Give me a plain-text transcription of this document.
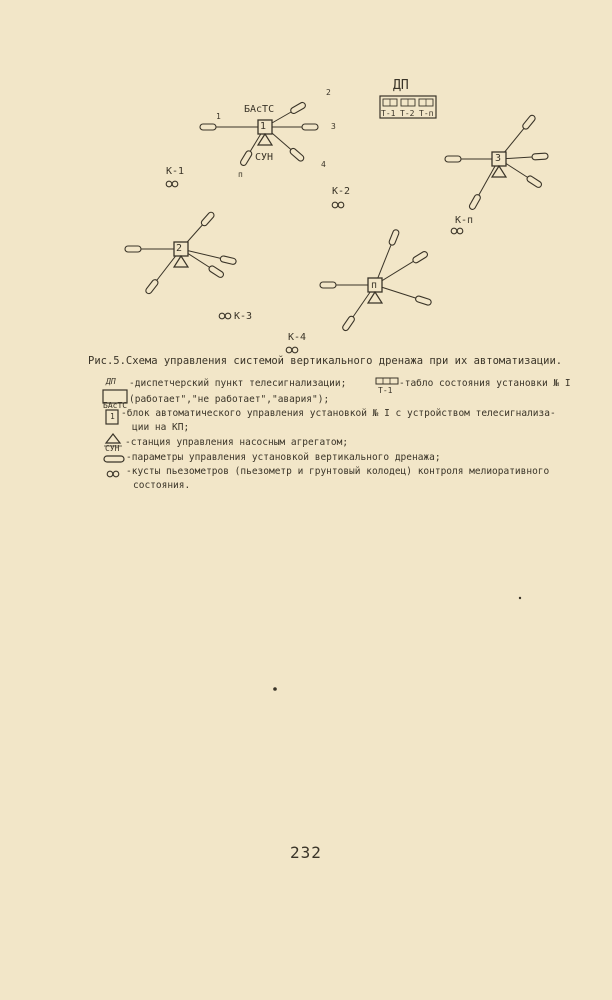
ДП
Т-1 Т-2 Т-п
БАсТС
СУН
1
2
3
п
1
2
3
4
п
К-1
К-2
К-3
К-4
К-п
Рис.5.Схема управления системой вертикального дренажа при их автоматизации.
ДП
Т-1
БАсТС
1
СУН
-диспетчерский пункт телесигнализации;	-табло состояния установки № I
(работает","не работает","авария");
-блок автоматического управления установкой № I с устройством телесигнализа-
ции на КП;
-станция управления насосным агрегатом;
-параметры управления установкой вертикального дренажа;
-кусты пьезометров (пьезометр и грунтовый колодец) контроля мелиоративного
состояния.
232
